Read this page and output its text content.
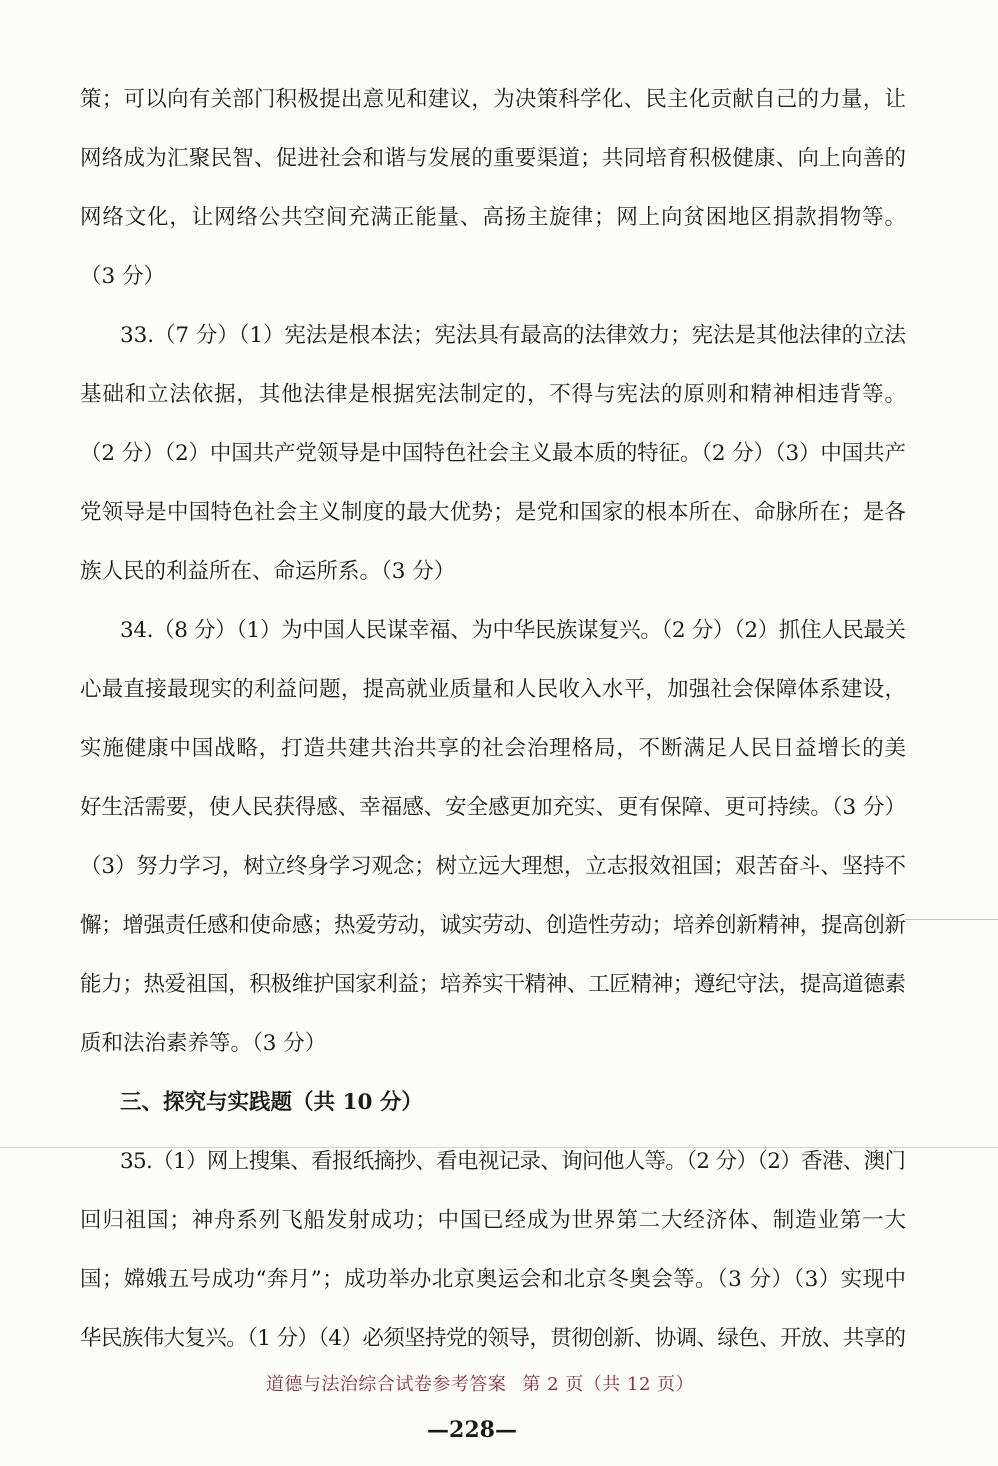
策；可以向有关部门积极提出意见和建议，为决策科学化、民主化贡献自己的力量，让
网络成为汇聚民智、促进社会和谐与发展的重要渠道；共同培育积极健康、向上向善的
网络文化，让网络公共空间充满正能量、高扬主旋律；网上向贫困地区捐款捐物等。
（3 分）
33.（7 分）（1）宪法是根本法；宪法具有最高的法律效力；宪法是其他法律的立法
基础和立法依据，其他法律是根据宪法制定的，不得与宪法的原则和精神相违背等。
（2 分）（2）中国共产党领导是中国特色社会主义最本质的特征。（2 分）（3）中国共产
党领导是中国特色社会主义制度的最大优势；是党和国家的根本所在、命脉所在；是各
族人民的利益所在、命运所系。（3 分）
34.（8 分）（1）为中国人民谋幸福、为中华民族谋复兴。（2 分）（2）抓住人民最关
心最直接最现实的利益问题，提高就业质量和人民收入水平，加强社会保障体系建设，
实施健康中国战略，打造共建共治共享的社会治理格局，不断满足人民日益增长的美
好生活需要，使人民获得感、幸福感、安全感更加充实、更有保障、更可持续。（3 分）
（3）努力学习，树立终身学习观念；树立远大理想，立志报效祖国；艰苦奋斗、坚持不
懈；增强责任感和使命感；热爱劳动，诚实劳动、创造性劳动；培养创新精神，提高创新
能力；热爱祖国，积极维护国家利益；培养实干精神、工匠精神；遵纪守法，提高道德素
质和法治素养等。（3 分）
三、探究与实践题（共 10 分）
35.（1）网上搜集、看报纸摘抄、看电视记录、询问他人等。（2 分）（2）香港、澳门
回归祖国；神舟系列飞船发射成功；中国已经成为世界第二大经济体、制造业第一大
国；嫦娥五号成功“奔月”；成功举办北京奥运会和北京冬奥会等。（3 分）（3）实现中
华民族伟大复兴。（1 分）（4）必须坚持党的领导，贯彻创新、协调、绿色、开放、共享的
道德与法治综合试卷参考答案 第 2 页（共 12 页）
—228—
